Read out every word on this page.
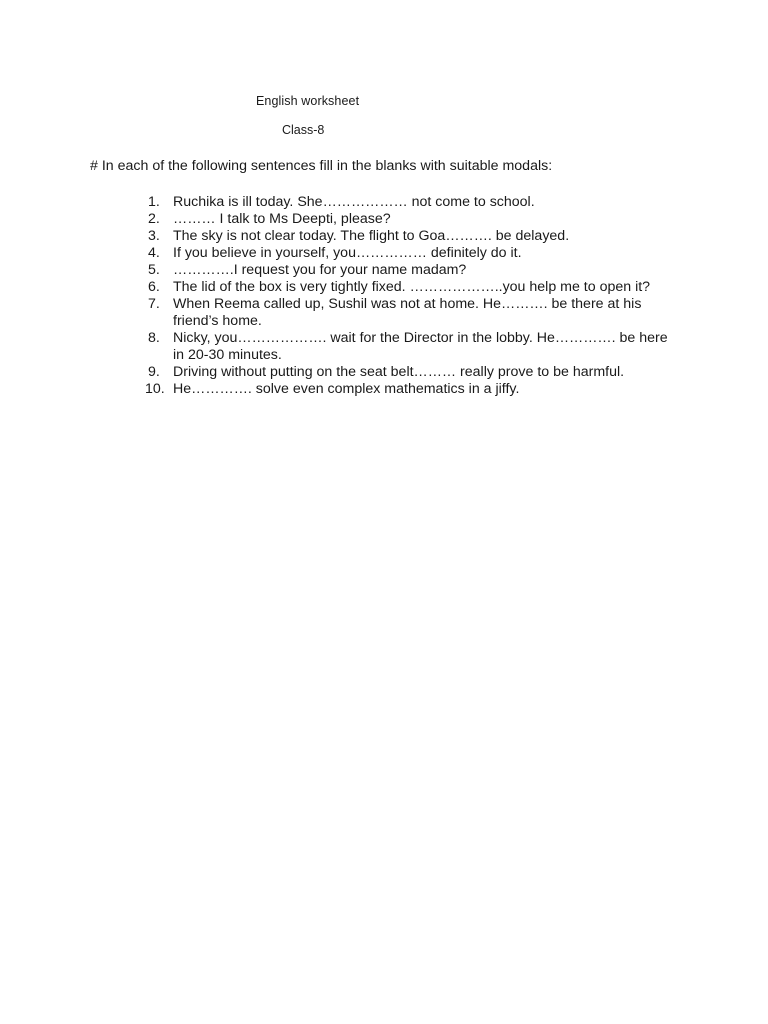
English worksheet
Class-8

# In each of the following sentences fill in the blanks with suitable modals:

1. Ruchika is ill today. She……………… not come to school.
2. ……… I talk to Ms Deepti, please?
3. The sky is not clear today. The flight to Goa………. be delayed.
4. If you believe in yourself, you…………… definitely do it.
5. ………….I request you for your name madam?
6. The lid of the box is very tightly fixed. ………………..you help me to open it?
7. When Reema called up, Sushil was not at home. He………. be there at his friend’s home.
8. Nicky, you………………. wait for the Director in the lobby. He…………. be here in 20-30 minutes.
9. Driving without putting on the seat belt……… really prove to be harmful.
10. He…………. solve even complex mathematics in a jiffy.
